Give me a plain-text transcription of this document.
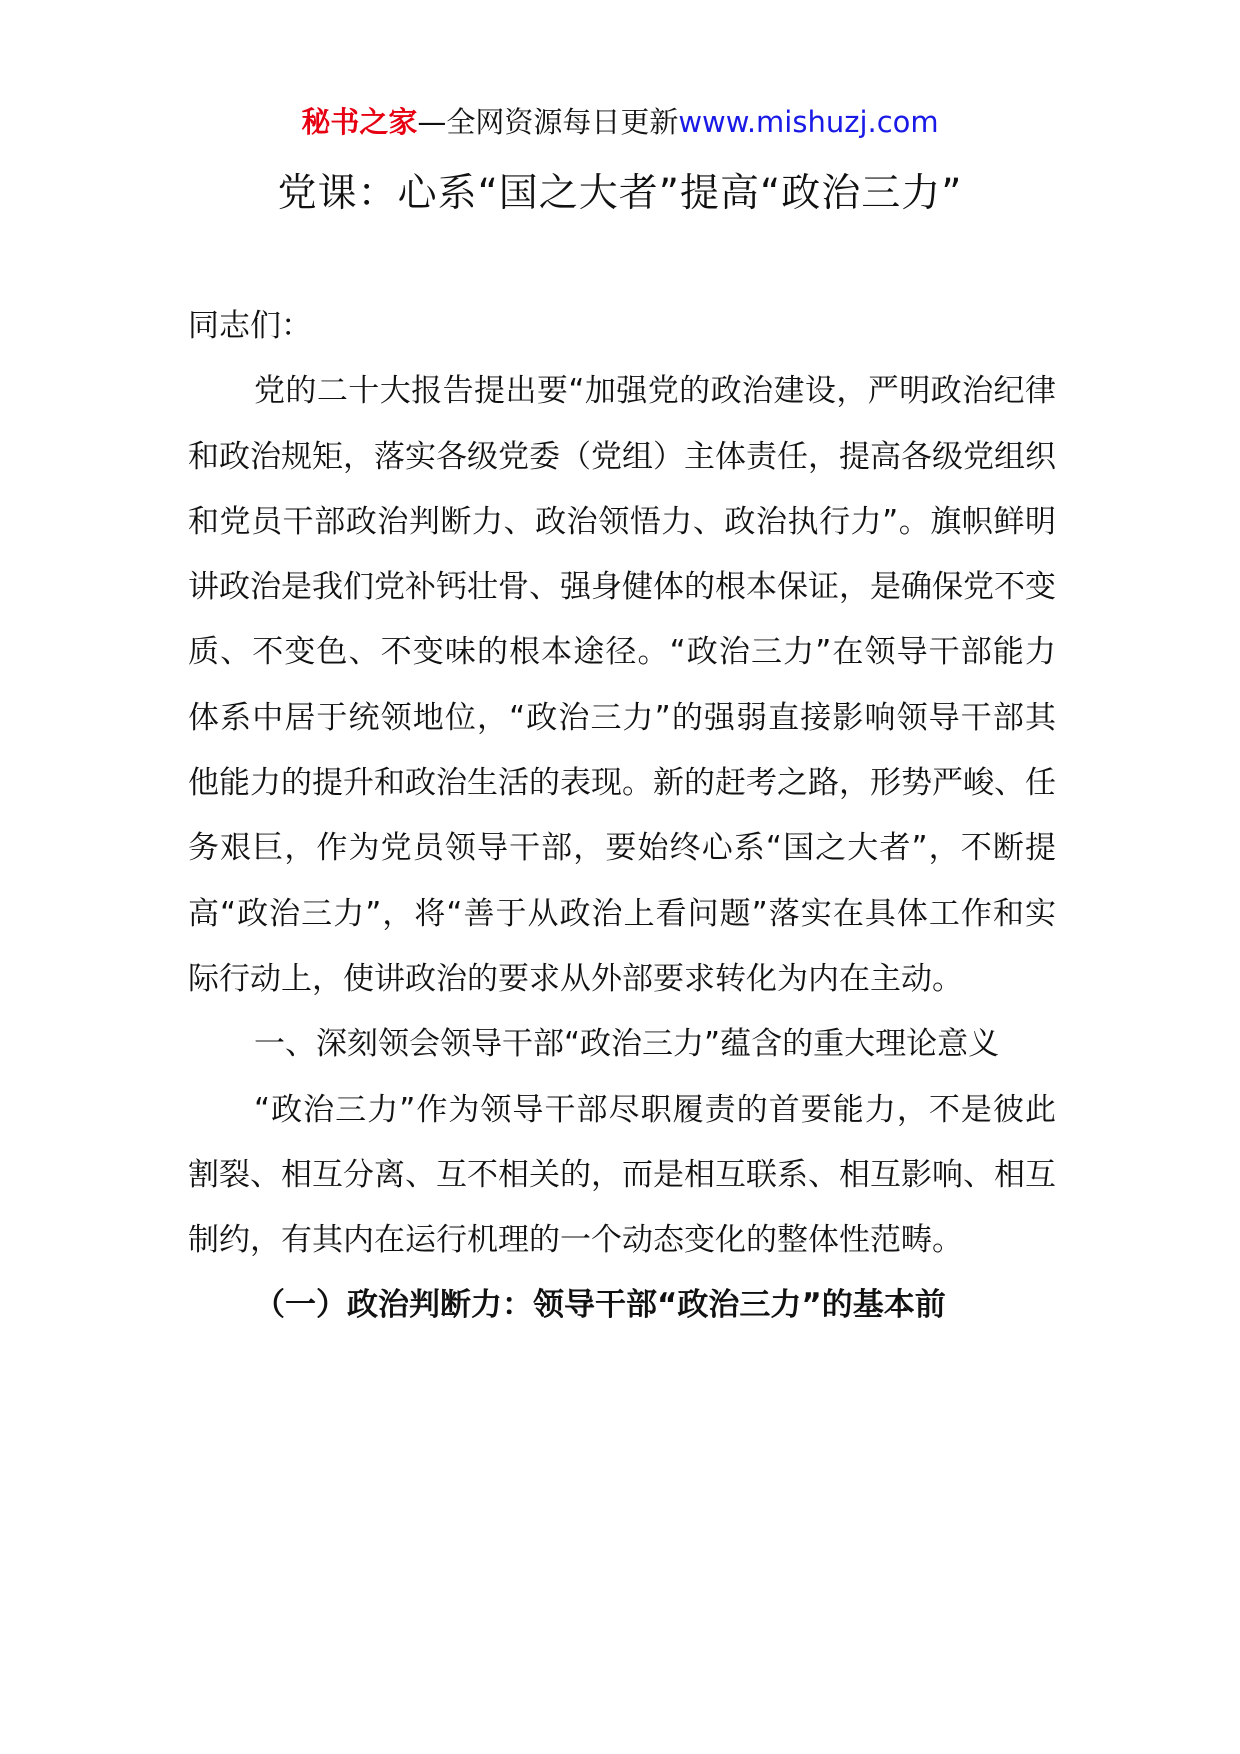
秘书之家—全网资源每日更新www.mishuzj.com
党课：心系“国之大者”提高“政治三力”

同志们：

党的二十大报告提出要“加强党的政治建设，严明政治纪律和政治规矩，落实各级党委（党组）主体责任，提高各级党组织和党员干部政治判断力、政治领悟力、政治执行力”。旗帜鲜明讲政治是我们党补钙壮骨、强身健体的根本保证，是确保党不变质、不变色、不变味的根本途径。“政治三力”在领导干部能力体系中居于统领地位，“政治三力”的强弱直接影响领导干部其他能力的提升和政治生活的表现。新的赶考之路，形势严峻、任务艰巨，作为党员领导干部，要始终心系“国之大者”，不断提高“政治三力”，将“善于从政治上看问题”落实在具体工作和实际行动上，使讲政治的要求从外部要求转化为内在主动。

一、深刻领会领导干部“政治三力”蕴含的重大理论意义

“政治三力”作为领导干部尽职履责的首要能力，不是彼此割裂、相互分离、互不相关的，而是相互联系、相互影响、相互制约，有其内在运行机理的一个动态变化的整体性范畴。

（一）政治判断力：领导干部“政治三力”的基本前
